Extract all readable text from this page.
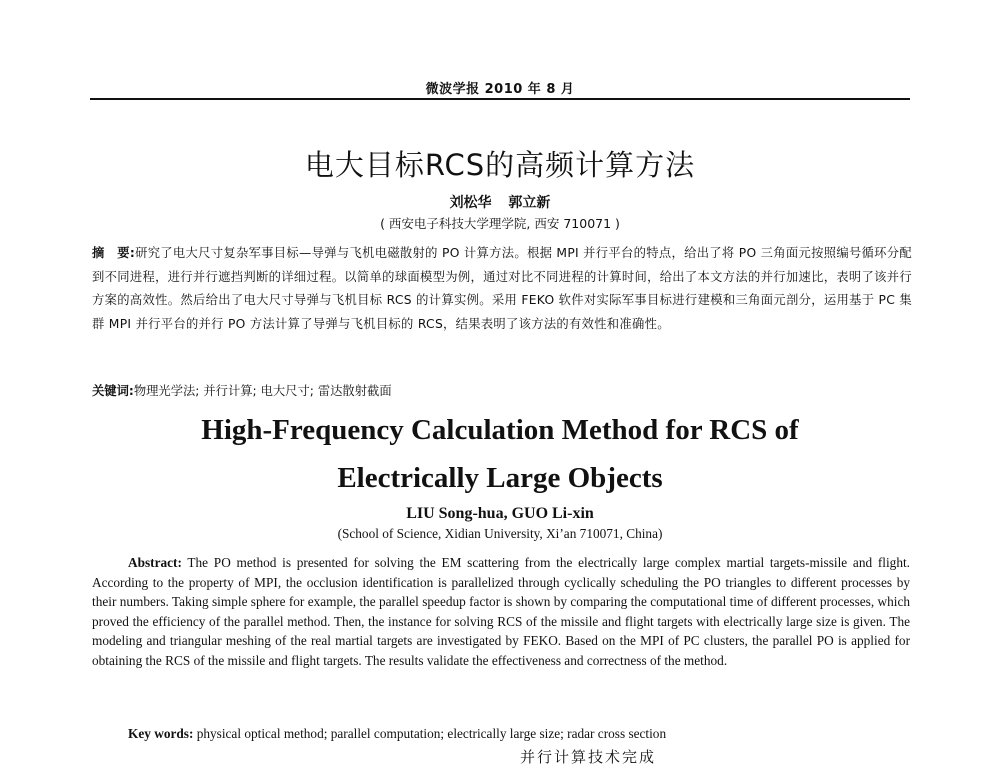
微波学报 2010 年 8 月
电大目标RCS的高频计算方法
刘松华 郭立新
( 西安电子科技大学理学院, 西安 710071 )
摘　要:研究了电大尺寸复杂军事目标—导弹与飞机电磁散射的 PO 计算方法。根据 MPI 并行平台的特点，给出了将 PO 三角面元按照编号循环分配到不同进程，进行并行遮挡判断的详细过程。以简单的球面模型为例，通过对比不同进程的计算时间，给出了本文方法的并行加速比，表明了该并行方案的高效性。然后给出了电大尺寸导弹与飞机目标 RCS 的计算实例。采用 FEKO 软件对实际军事目标进行建模和三角面元剖分，运用基于 PC 集群 MPI 并行平台的并行 PO 方法计算了导弹与飞机目标的 RCS，结果表明了该方法的有效性和准确性。
关键词:物理光学法; 并行计算; 电大尺寸; 雷达散射截面
High-Frequency Calculation Method for RCS of
Electrically Large Objects
LIU Song-hua, GUO Li-xin
(School of Science, Xidian University, Xi’an 710071, China)
Abstract: The PO method is presented for solving the EM scattering from the electrically large complex martial targets-missile and flight. According to the property of MPI, the occlusion identification is parallelized through cyclically scheduling the PO triangles to different processes by their numbers. Taking simple sphere for example, the parallel speedup factor is shown by comparing the computational time of different processes, which proved the efficiency of the parallel method. Then, the instance for solving RCS of the missile and flight targets with electrically large size is given. The modeling and triangular meshing of the real martial targets are investigated by FEKO. Based on the MPI of PC clusters, the parallel PO is applied for obtaining the RCS of the missile and flight targets. The results validate the effectiveness and correctness of the method.
Key words: physical optical method; parallel computation; electrically large size; radar cross section
并行计算技术完成
